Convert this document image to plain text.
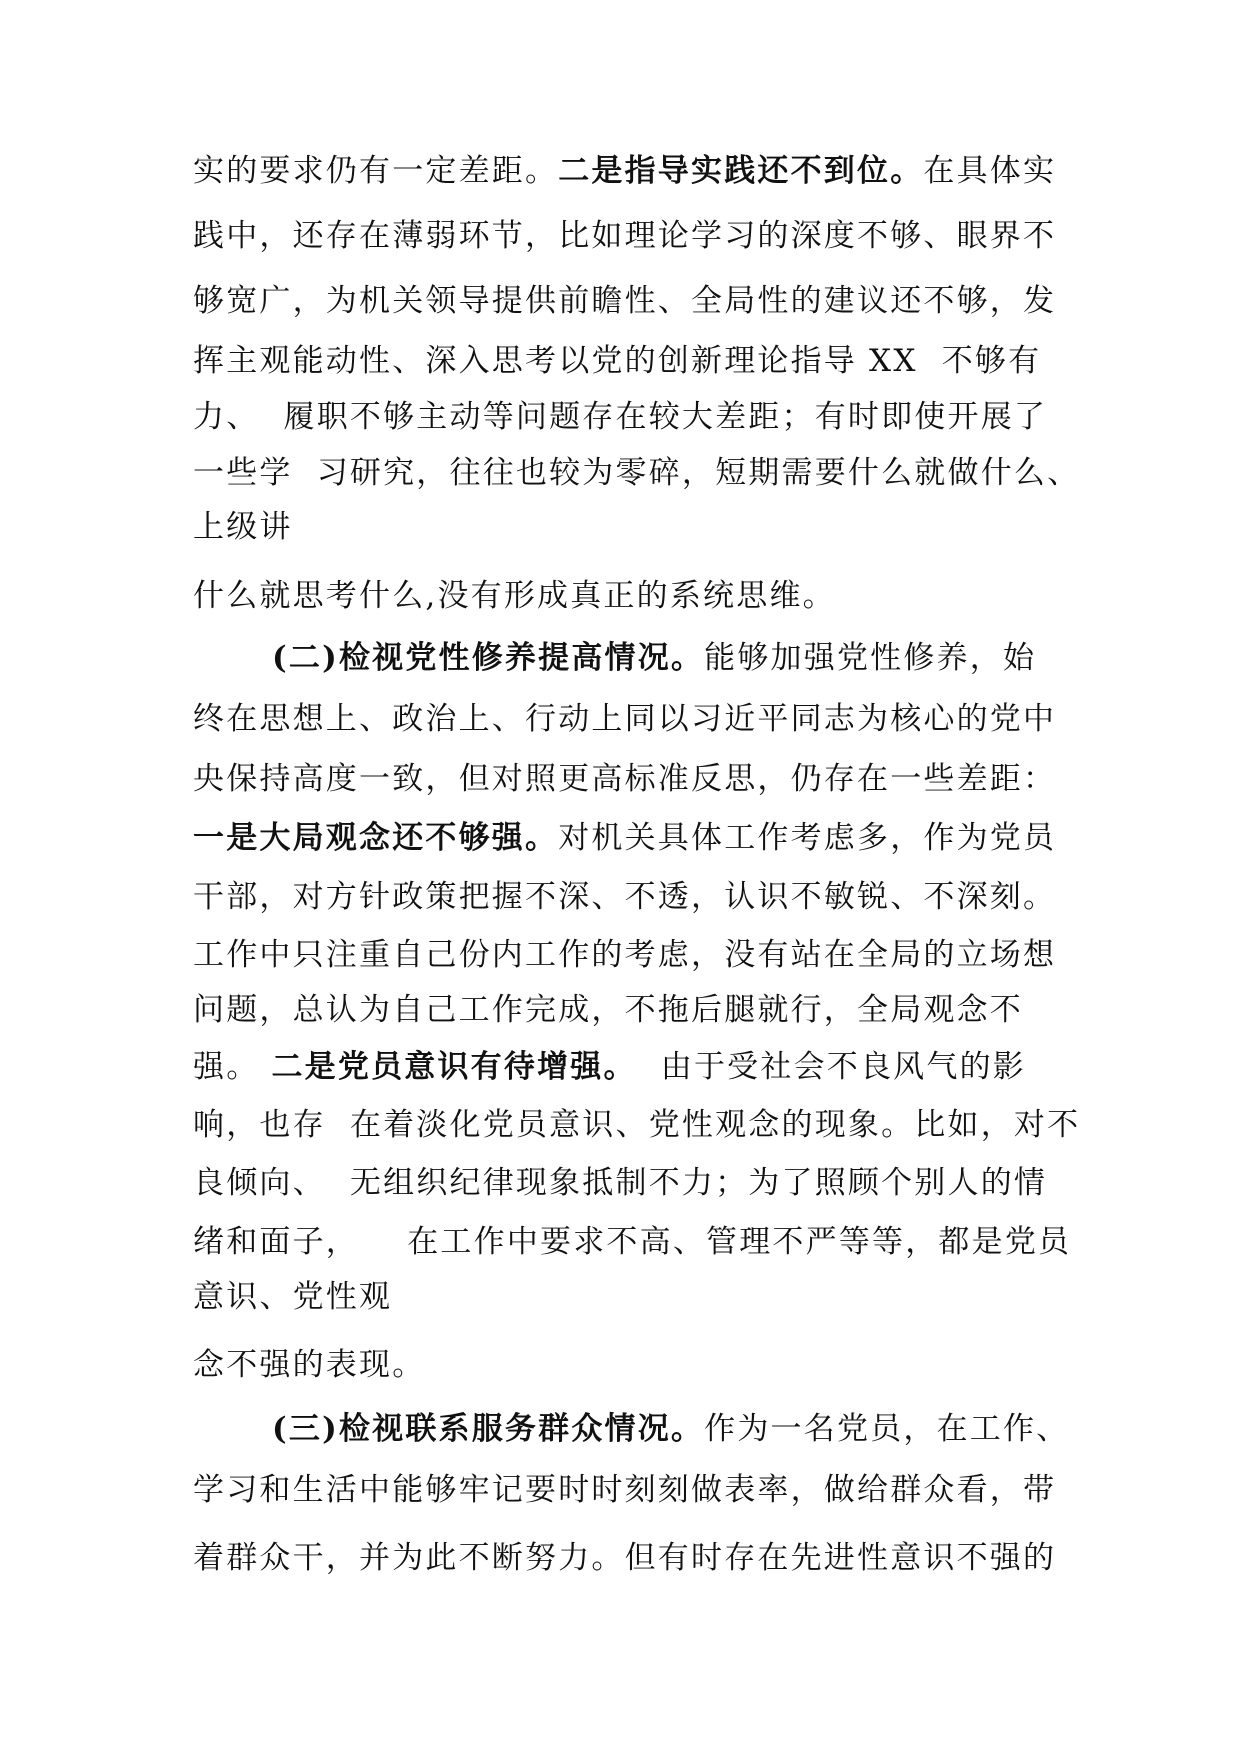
实的要求仍有一定差距。二是指导实践还不到位。在具体实
践中，还存在薄弱环节，比如理论学习的深度不够、眼界不
够宽广，为机关领导提供前瞻性、全局性的建议还不够，发
挥主观能动性、深入思考以党的创新理论指导 XX  不够有
力、  履职不够主动等问题存在较大差距；有时即使开展了
一些学  习研究，往往也较为零碎，短期需要什么就做什么、
上级讲
什么就思考什么,没有形成真正的系统思维。
(二)检视党性修养提高情况。能够加强党性修养，始
终在思想上、政治上、行动上同以习近平同志为核心的党中
央保持高度一致，但对照更高标准反思，仍存在一些差距：
一是大局观念还不够强。对机关具体工作考虑多，作为党员
干部，对方针政策把握不深、不透，认识不敏锐、不深刻。
工作中只注重自己份内工作的考虑，没有站在全局的立场想
问题，总认为自己工作完成，不拖后腿就行，全局观念不
强。 二是党员意识有待增强。  由于受社会不良风气的影
响，也存  在着淡化党员意识、党性观念的现象。比如，对不
良倾向、  无组织纪律现象抵制不力；为了照顾个别人的情
绪和面子，    在工作中要求不高、管理不严等等，都是党员
意识、党性观
念不强的表现。
(三)检视联系服务群众情况。作为一名党员，在工作、
学习和生活中能够牢记要时时刻刻做表率，做给群众看，带
着群众干，并为此不断努力。但有时存在先进性意识不强的
